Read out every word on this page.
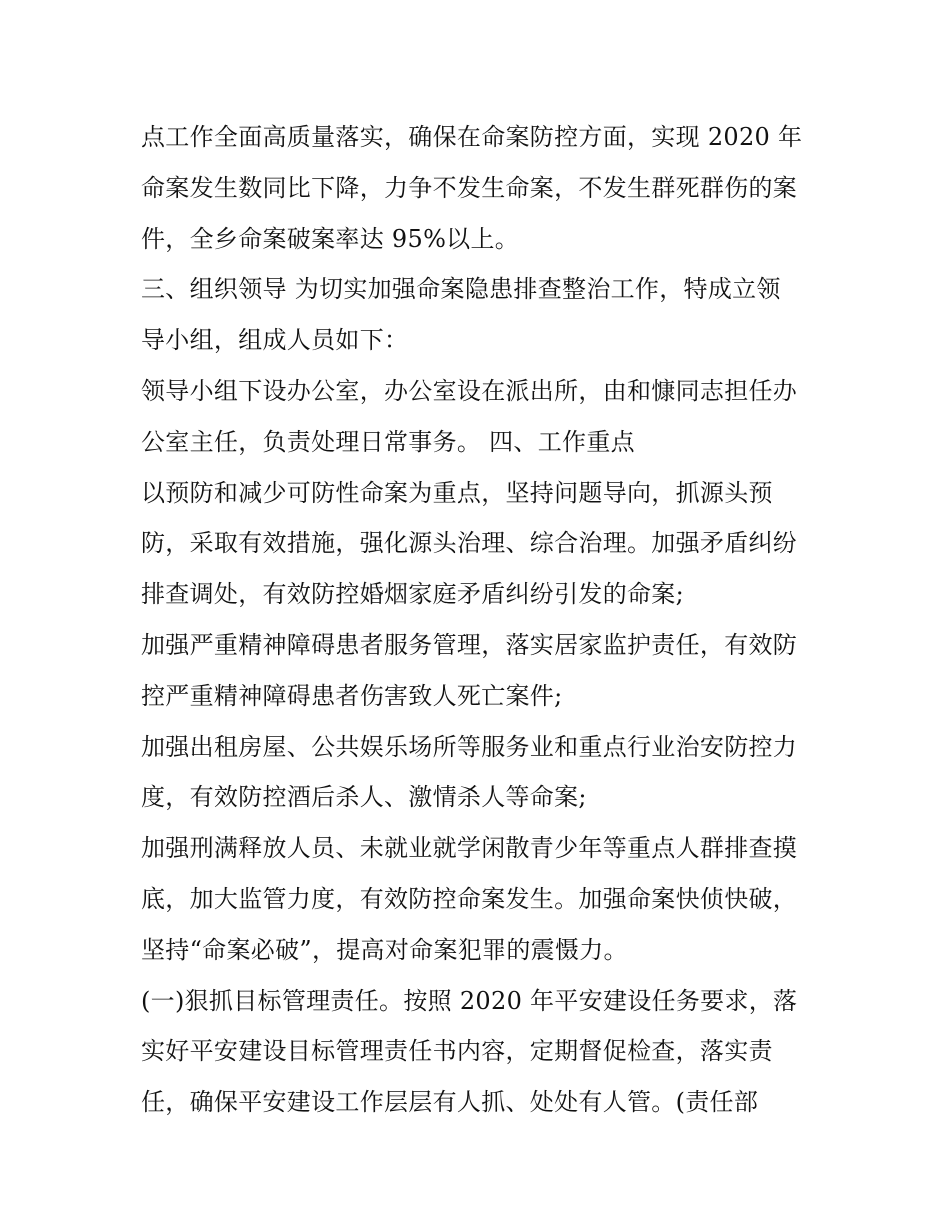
点工作全面高质量落实，确保在命案防控方面，实现 2020 年
命案发生数同比下降，力争不发生命案，不发生群死群伤的案
件，全乡命案破案率达 95%以上。
三、组织领导 为切实加强命案隐患排查整治工作，特成立领
导小组，组成人员如下：
领导小组下设办公室，办公室设在派出所，由和慷同志担任办
公室主任，负责处理日常事务。 四、工作重点
以预防和减少可防性命案为重点，坚持问题导向，抓源头预
防，采取有效措施，强化源头治理、综合治理。加强矛盾纠纷
排查调处，有效防控婚烟家庭矛盾纠纷引发的命案;
加强严重精神障碍患者服务管理，落实居家监护责任，有效防
控严重精神障碍患者伤害致人死亡案件;
加强出租房屋、公共娱乐场所等服务业和重点行业治安防控力
度，有效防控酒后杀人、激情杀人等命案;
加强刑满释放人员、未就业就学闲散青少年等重点人群排查摸
底，加大监管力度，有效防控命案发生。加强命案快侦快破，
坚持“命案必破”，提高对命案犯罪的震慑力。
(一)狠抓目标管理责任。按照 2020 年平安建设任务要求，落
实好平安建设目标管理责任书内容，定期督促检查，落实责
任，确保平安建设工作层层有人抓、处处有人管。(责任部
